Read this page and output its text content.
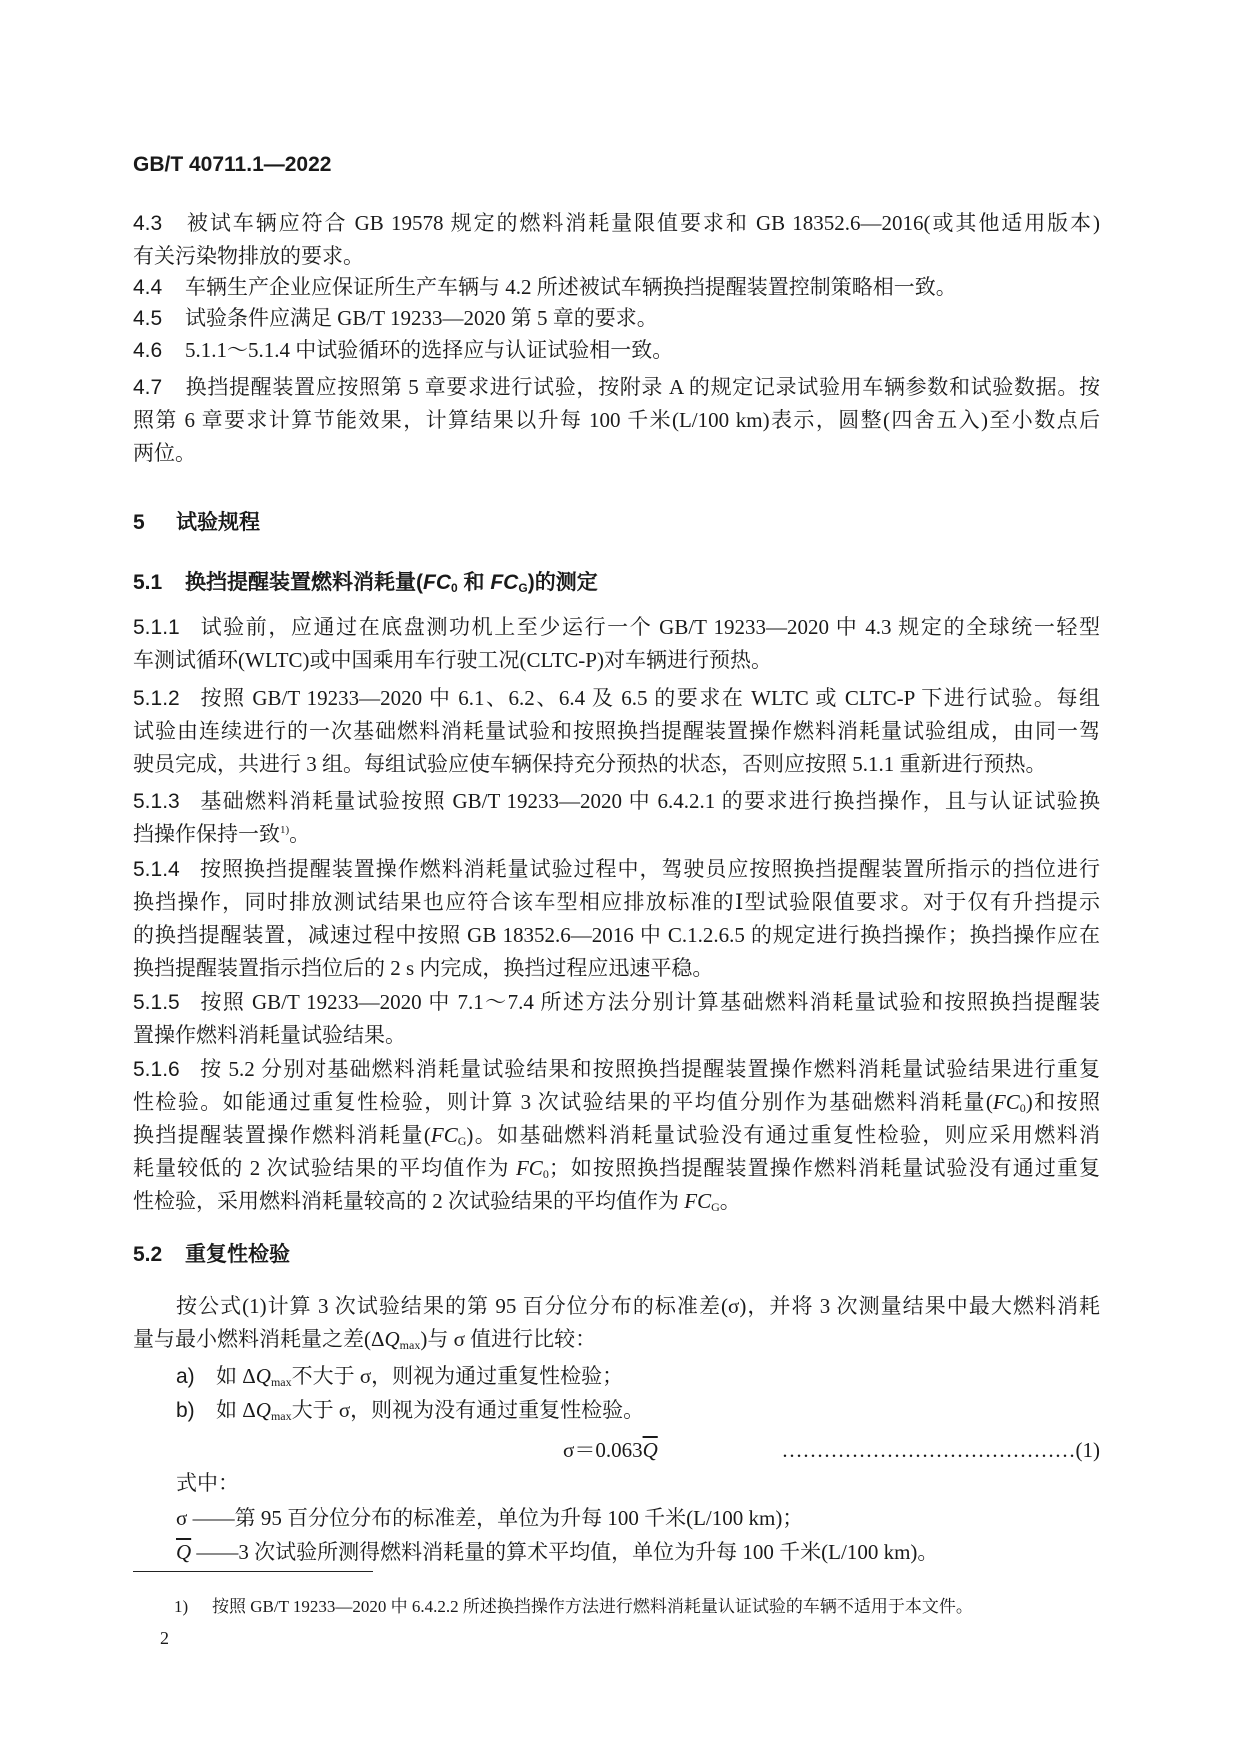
GB/T 40711.1—2022
4.3 被试车辆应符合 GB 19578 规定的燃料消耗量限值要求和 GB 18352.6—2016(或其他适用版本)
有关污染物排放的要求。
4.4 车辆生产企业应保证所生产车辆与 4.2 所述被试车辆换挡提醒装置控制策略相一致。
4.5 试验条件应满足 GB/T 19233—2020 第 5 章的要求。
4.6 5.1.1～5.1.4 中试验循环的选择应与认证试验相一致。
4.7 换挡提醒装置应按照第 5 章要求进行试验，按附录 A 的规定记录试验用车辆参数和试验数据。按
照第 6 章要求计算节能效果，计算结果以升每 100 千米(L/100 km)表示，圆整(四舍五入)至小数点后
两位。
5 试验规程
5.1 换挡提醒装置燃料消耗量($FC_0$ 和 $FC_G$)的测定
5.1.1 试验前，应通过在底盘测功机上至少运行一个 GB/T 19233—2020 中 4.3 规定的全球统一轻型
车测试循环(WLTC)或中国乘用车行驶工况(CLTC-P)对车辆进行预热。
5.1.2 按照 GB/T 19233—2020 中 6.1、6.2、6.4 及 6.5 的要求在 WLTC 或 CLTC-P 下进行试验。每组
试验由连续进行的一次基础燃料消耗量试验和按照换挡提醒装置操作燃料消耗量试验组成，由同一驾
驶员完成，共进行 3 组。每组试验应使车辆保持充分预热的状态，否则应按照 5.1.1 重新进行预热。
5.1.3 基础燃料消耗量试验按照 GB/T 19233—2020 中 6.4.2.1 的要求进行换挡操作，且与认证试验换
挡操作保持一致$^{1)}$。
5.1.4 按照换挡提醒装置操作燃料消耗量试验过程中，驾驶员应按照换挡提醒装置所指示的挡位进行
换挡操作，同时排放测试结果也应符合该车型相应排放标准的Ⅰ型试验限值要求。对于仅有升挡提示
的换挡提醒装置，减速过程中按照 GB 18352.6—2016 中 C.1.2.6.5 的规定进行换挡操作；换挡操作应在
换挡提醒装置指示挡位后的 2 s 内完成，换挡过程应迅速平稳。
5.1.5 按照 GB/T 19233—2020 中 7.1～7.4 所述方法分别计算基础燃料消耗量试验和按照换挡提醒装
置操作燃料消耗量试验结果。
5.1.6 按 5.2 分别对基础燃料消耗量试验结果和按照换挡提醒装置操作燃料消耗量试验结果进行重复
性检验。如能通过重复性检验，则计算 3 次试验结果的平均值分别作为基础燃料消耗量$(FC_0)$和按照
换挡提醒装置操作燃料消耗量$(FC_G)$。如基础燃料消耗量试验没有通过重复性检验，则应采用燃料消
耗量较低的 2 次试验结果的平均值作为 $FC_0$；如按照换挡提醒装置操作燃料消耗量试验没有通过重复
性检验，采用燃料消耗量较高的 2 次试验结果的平均值作为 $FC_G$。
5.2 重复性检验
按公式(1)计算 3 次试验结果的第 95 百分位分布的标准差(σ)，并将 3 次测量结果中最大燃料消耗
量与最小燃料消耗量之差$(\Delta Q_{max})$与 σ 值进行比较：
a) 如 $\Delta Q_{max}$不大于 σ，则视为通过重复性检验；
b) 如 $\Delta Q_{max}$大于 σ，则视为没有通过重复性检验。
$\sigma=0.063\overline{Q}$	……………………………………(1)
式中：
σ ——第 95 百分位分布的标准差，单位为升每 100 千米(L/100 km)；
$\overline{Q}$ ——3 次试验所测得燃料消耗量的算术平均值，单位为升每 100 千米(L/100 km)。
1) 按照 GB/T 19233—2020 中 6.4.2.2 所述换挡操作方法进行燃料消耗量认证试验的车辆不适用于本文件。
2
